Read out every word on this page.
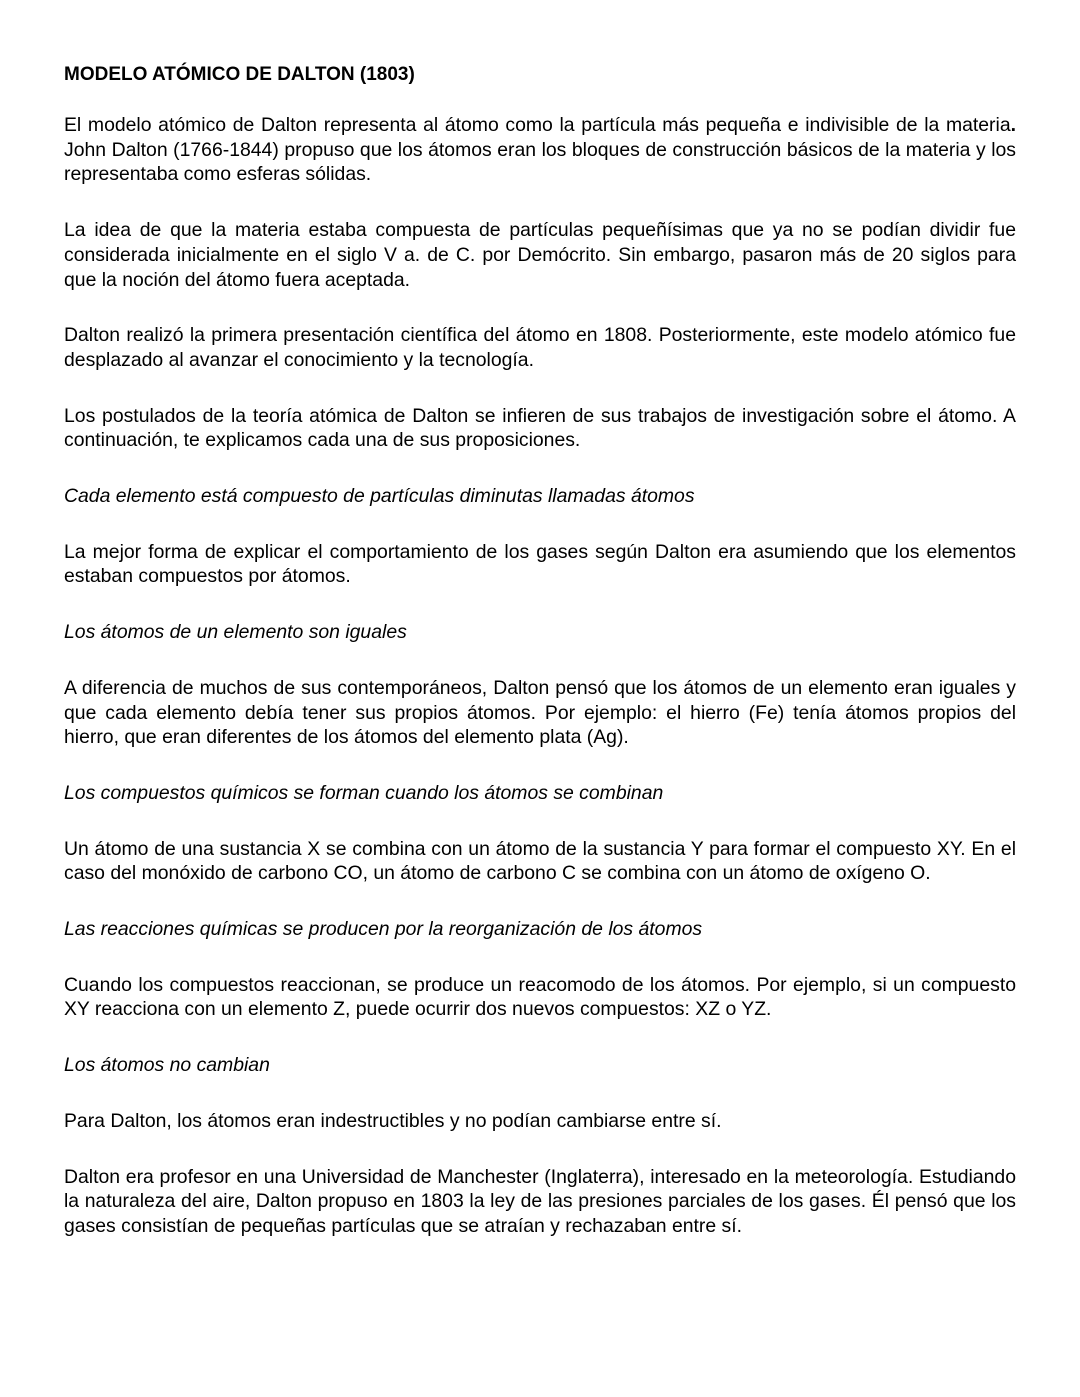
MODELO ATÓMICO DE DALTON (1803)

El modelo atómico de Dalton representa al átomo como la partícula más pequeña e indivisible de la materia. John Dalton (1766-1844) propuso que los átomos eran los bloques de construcción básicos de la materia y los representaba como esferas sólidas.

La idea de que la materia estaba compuesta de partículas pequeñísimas que ya no se podían dividir fue considerada inicialmente en el siglo V a. de C. por Demócrito. Sin embargo, pasaron más de 20 siglos para que la noción del átomo fuera aceptada.

Dalton realizó la primera presentación científica del átomo en 1808. Posteriormente, este modelo atómico fue desplazado al avanzar el conocimiento y la tecnología.

Los postulados de la teoría atómica de Dalton se infieren de sus trabajos de investigación sobre el átomo. A continuación, te explicamos cada una de sus proposiciones.

Cada elemento está compuesto de partículas diminutas llamadas átomos

La mejor forma de explicar el comportamiento de los gases según Dalton era asumiendo que los elementos estaban compuestos por átomos.

Los átomos de un elemento son iguales

A diferencia de muchos de sus contemporáneos, Dalton pensó que los átomos de un elemento eran iguales y que cada elemento debía tener sus propios átomos. Por ejemplo: el hierro (Fe) tenía átomos propios del hierro, que eran diferentes de los átomos del elemento plata (Ag).

Los compuestos químicos se forman cuando los átomos se combinan

Un átomo de una sustancia X se combina con un átomo de la sustancia Y para formar el compuesto XY. En el caso del monóxido de carbono CO, un átomo de carbono C se combina con un átomo de oxígeno O.

Las reacciones químicas se producen por la reorganización de los átomos

Cuando los compuestos reaccionan, se produce un reacomodo de los átomos. Por ejemplo, si un compuesto XY reacciona con un elemento Z, puede ocurrir dos nuevos compuestos: XZ o YZ.

Los átomos no cambian

Para Dalton, los átomos eran indestructibles y no podían cambiarse entre sí.

Dalton era profesor en una Universidad de Manchester (Inglaterra), interesado en la meteorología. Estudiando la naturaleza del aire, Dalton propuso en 1803 la ley de las presiones parciales de los gases. Él pensó que los gases consistían de pequeñas partículas que se atraían y rechazaban entre sí.
